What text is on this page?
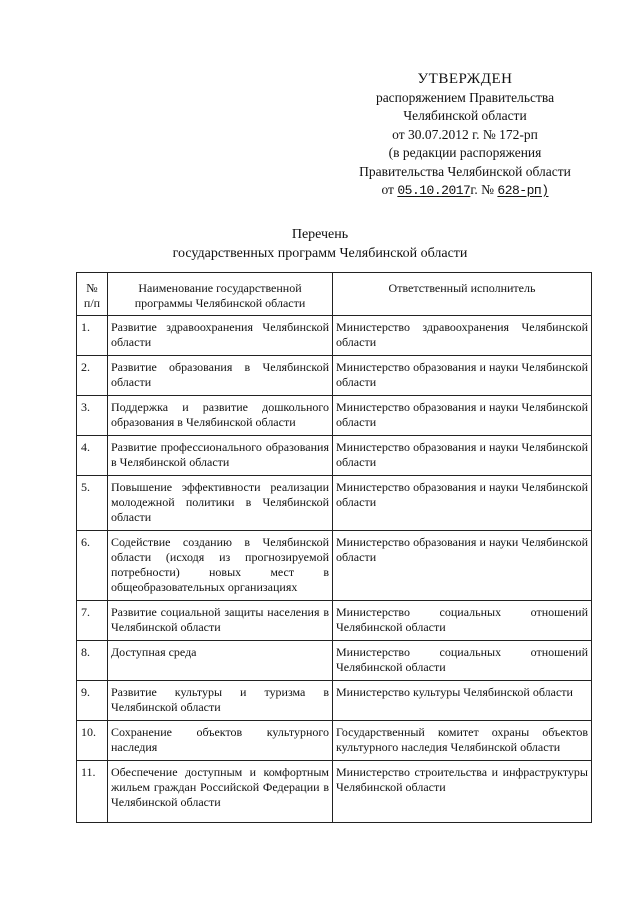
УТВЕРЖДЕН
распоряжением Правительства
Челябинской области
от 30.07.2012 г. № 172-рп
(в редакции распоряжения
Правительства Челябинской области
от 05.10.2017г. № 628-рп)
Перечень
государственных программ Челябинской области
№ п/п	Наименование государственной программы Челябинской области	Ответственный исполнитель
1.	Развитие здравоохранения Челябинской области	Министерство здравоохранения Челябинской области
2.	Развитие образования в Челябинской области	Министерство образования и науки Челябинской области
3.	Поддержка и развитие дошкольного образования в Челябинской области	Министерство образования и науки Челябинской области
4.	Развитие профессионального образования в Челябинской области	Министерство образования и науки Челябинской области
5.	Повышение эффективности реализации молодежной политики в Челябинской области	Министерство образования и науки Челябинской области
6.	Содействие созданию в Челябинской области (исходя из прогнозируемой потребности) новых мест в общеобразовательных организациях	Министерство образования и науки Челябинской области
7.	Развитие социальной защиты населения в Челябинской области	Министерство социальных отношений Челябинской области
8.	Доступная среда	Министерство социальных отношений Челябинской области
9.	Развитие культуры и туризма в Челябинской области	Министерство культуры Челябинской области
10.	Сохранение объектов культурного наследия	Государственный комитет охраны объектов культурного наследия Челябинской области
11.	Обеспечение доступным и комфортным жильем граждан Российской Федерации в Челябинской области	Министерство строительства и инфраструктуры Челябинской области
